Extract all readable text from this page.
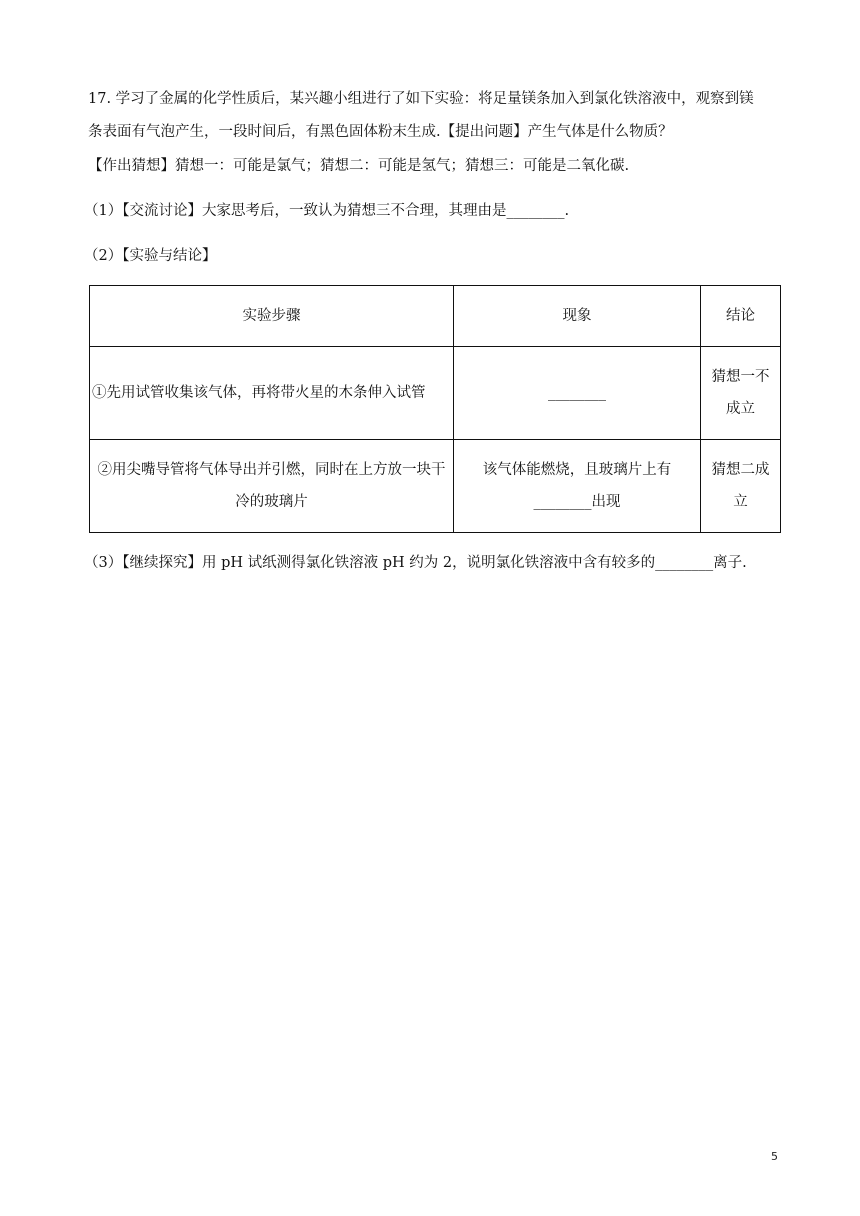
17. 学习了金属的化学性质后，某兴趣小组进行了如下实验：将足量镁条加入到氯化铁溶液中，观察到镁
条表面有气泡产生，一段时间后，有黑色固体粉末生成.【提出问题】产生气体是什么物质？
【作出猜想】猜想一：可能是氯气；猜想二：可能是氢气；猜想三：可能是二氧化碳.
（1）【交流讨论】大家思考后，一致认为猜想三不合理，其理由是________.
（2）【实验与结论】
实验步骤	现象	结论
①先用试管收集该气体，再将带火星的木条伸入试管	________	猜想一不成立
②用尖嘴导管将气体导出并引燃，同时在上方放一块干冷的玻璃片	该气体能燃烧，且玻璃片上有________出现	猜想二成立
（3）【继续探究】用 pH 试纸测得氯化铁溶液 pH 约为 2，说明氯化铁溶液中含有较多的________离子.
5
